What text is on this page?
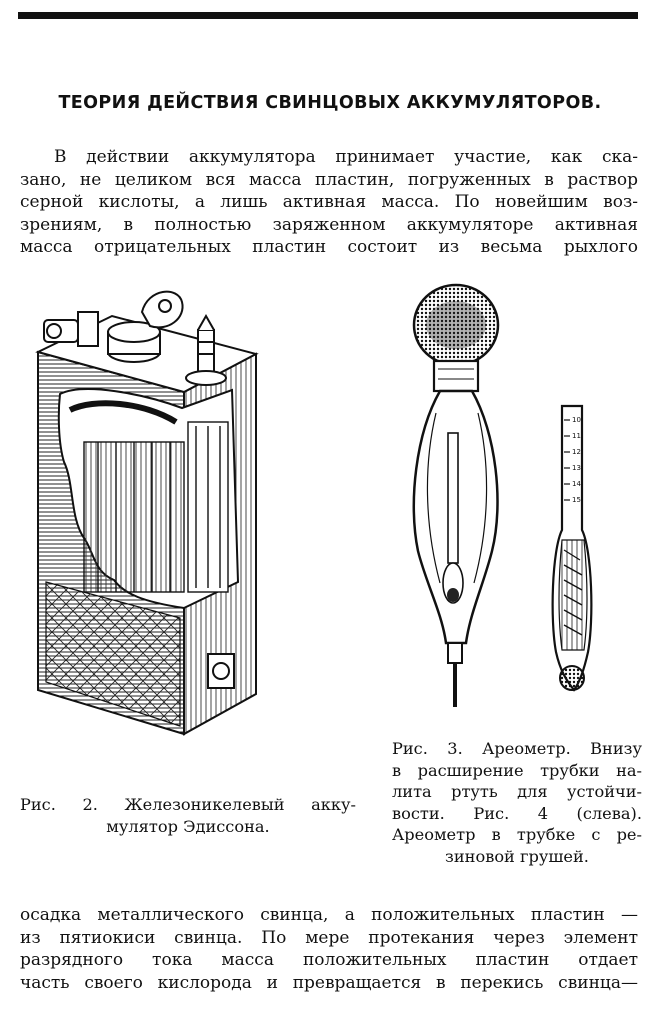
ТЕОРИЯ ДЕЙСТВИЯ СВИНЦОВЫХ АККУМУЛЯТОРОВ.
В действии аккумулятора принимает участие, как ска-
зано, не целиком вся масса пластин, погруженных в раствор
серной кислоты, а лишь активная масса. По новейшим воз-
зрениям, в полностью заряженном аккумуляторе активная
масса отрицательных пластин состоит из весьма рыхлого
10
11
12
13
14
15
Рис. 2. Железоникелевый акку-
мулятор Эдиссона.
Рис. 3. Ареометр. Внизу
в расширение трубки на-
лита ртуть для устойчи-
вости. Рис. 4 (слева).
Ареометр в трубке с ре-
зиновой грушей.
осадка металлического свинца, а положительных пластин —
из пятиокиси свинца. По мере протекания через элемент
разрядного тока масса положительных пластин отдает
часть своего кислорода и превращается в перекись свинца—
